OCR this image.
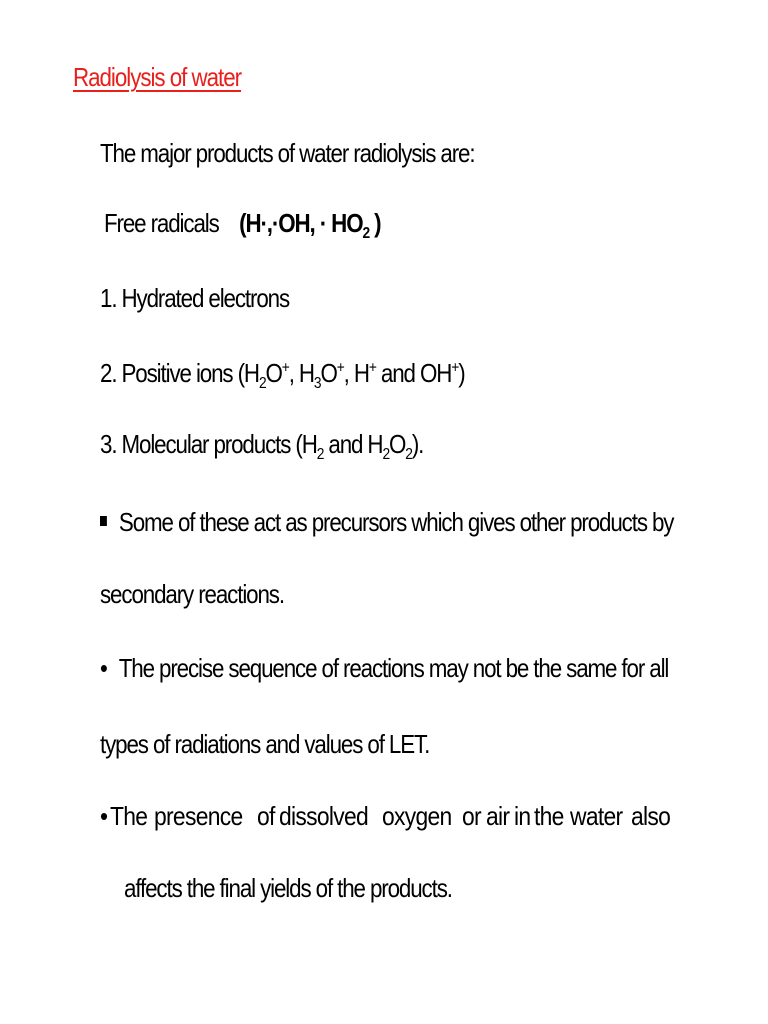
Radiolysis of water
The major products of water radiolysis are:
Free radicals (H·,·OH, · $HO_2$ )
1. Hydrated electrons
2. Positive ions ($H_2O^+$, $H_3O^+$, H+ and OH+)
3. Molecular products ($H_2$ and $H_2O_2$).
Some of these act as precursors which gives other products by
secondary reactions.
• The precise sequence of reactions may not be the same for all
types of radiations and values of LET.
• The presence of dissolved oxygen or air in the water also
affects the final yields of the products.
